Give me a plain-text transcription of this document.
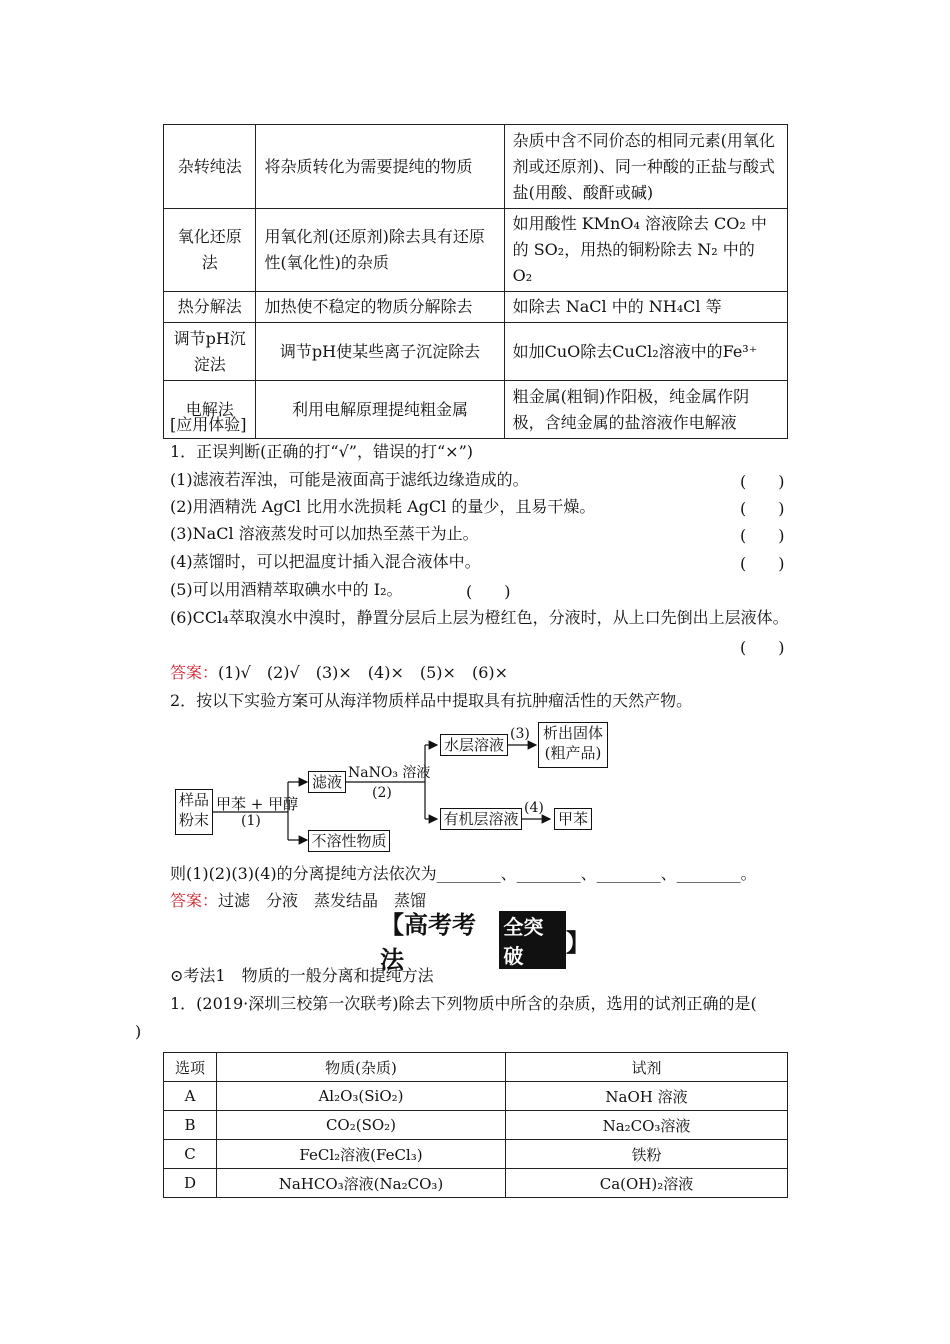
杂转纯法	将杂质转化为需要提纯的物质	杂质中含不同价态的相同元素(用氧化剂或还原剂)、同一种酸的正盐与酸式盐(用酸、酸酐或碱)
氧化还原法	用氧化剂(还原剂)除去具有还原性(氧化性)的杂质	如用酸性 KMnO₄ 溶液除去 CO₂ 中的 SO₂，用热的铜粉除去 N₂ 中的 O₂
热分解法	加热使不稳定的物质分解除去	如除去 NaCl 中的 NH₄Cl 等
调节pH沉淀法	调节pH使某些离子沉淀除去	如加CuO除去CuCl₂溶液中的Fe³⁺
电解法	利用电解原理提纯粗金属	粗金属(粗铜)作阳极，纯金属作阴极，含纯金属的盐溶液作电解液
[应用体验]
1．正误判断(正确的打“√”，错误的打“×”)
(1)滤液若浑浊，可能是液面高于滤纸边缘造成的。	(　　)
(2)用酒精洗 AgCl 比用水洗损耗 AgCl 的量少，且易干燥。	(　　)
(3)NaCl 溶液蒸发时可以加热至蒸干为止。	(　　)
(4)蒸馏时，可以把温度计插入混合液体中。	(　　)
(5)可以用酒精萃取碘水中的 I₂。	(　　)
(6)CCl₄萃取溴水中溴时，静置分层后上层为橙红色，分液时，从上口先倒出上层液体。
(　　)
答案：(1)√　(2)√　(3)×　(4)×　(5)×　(6)×
2．按以下实验方案可从海洋物质样品中提取具有抗肿瘤活性的天然产物。
样品
粉末
甲苯 + 甲醇
(1)
滤液
不溶性物质
NaNO₃ 溶液
(2)
水层溶液
有机层溶液
(3)
(4)
析出固体
(粗产品)
甲苯
则(1)(2)(3)(4)的分离提纯方法依次为________、________、________、________。
答案：过滤　分液　蒸发结晶　蒸馏
【高考考法
全突破	】
⊙考法1　物质的一般分离和提纯方法
1．(2019·深圳三校第一次联考)除去下列物质中所含的杂质，选用的试剂正确的是(
)
选项	物质(杂质)	试剂
A	Al₂O₃(SiO₂)	NaOH 溶液
B	CO₂(SO₂)	Na₂CO₃溶液
C	FeCl₂溶液(FeCl₃)	铁粉
D	NaHCO₃溶液(Na₂CO₃)	Ca(OH)₂溶液
